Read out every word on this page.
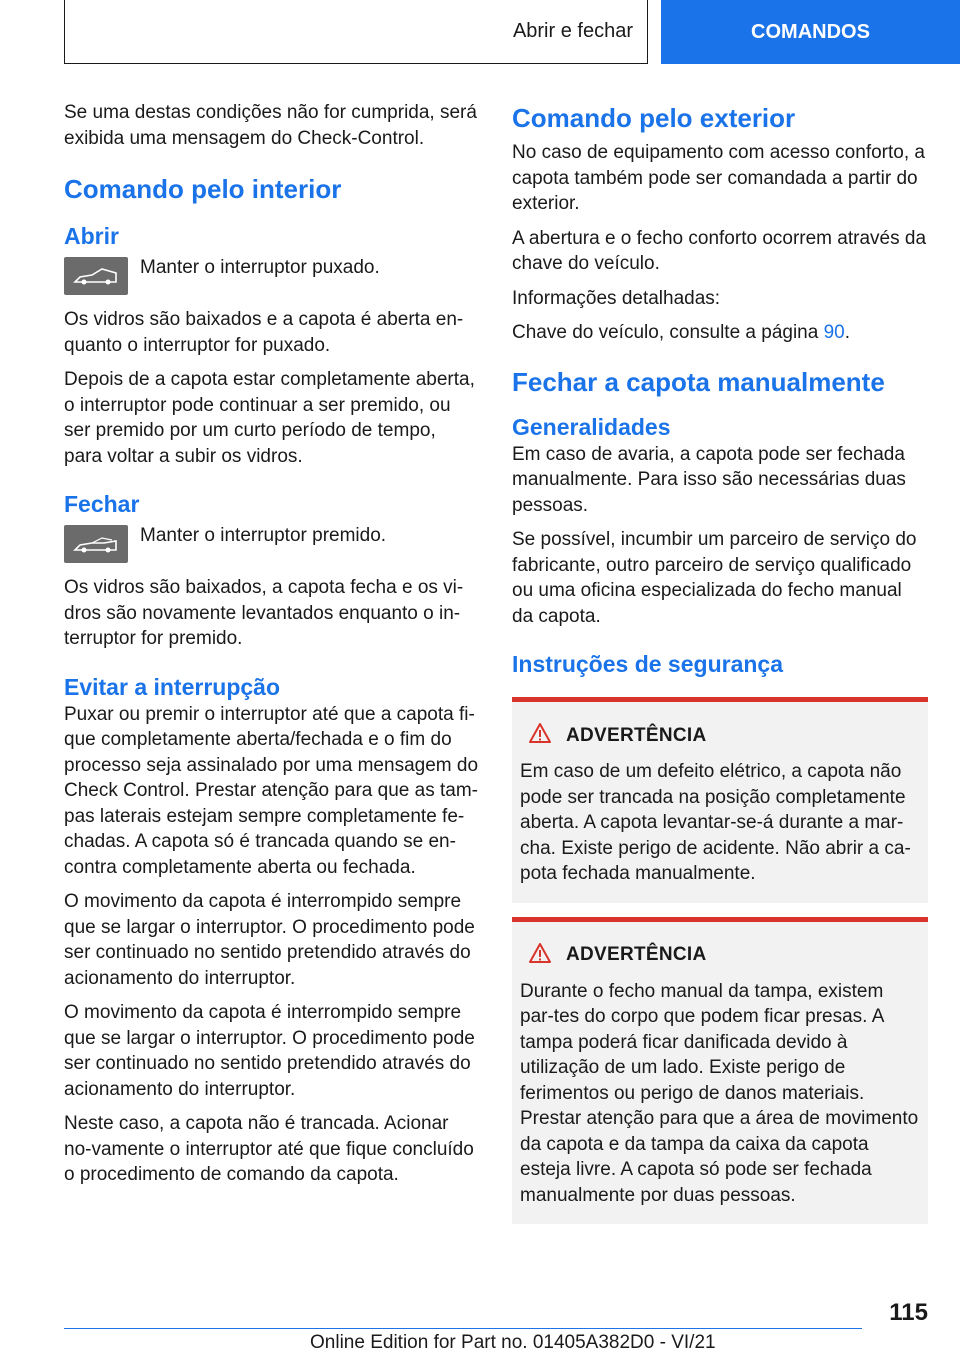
Abrir e fechar	COMANDOS

Se uma destas condições não for cumprida, será exibida uma mensagem do Check-Control.

Comando pelo interior
Abrir

Manter o interruptor puxado.

Os vidros são baixados e a capota é aberta en-quanto o interruptor for puxado.

Depois de a capota estar completamente aberta, o interruptor pode continuar a ser premido, ou ser premido por um curto período de tempo, para voltar a subir os vidros.

Fechar

Manter o interruptor premido.

Os vidros são baixados, a capota fecha e os vi-dros são novamente levantados enquanto o in-terruptor for premido.

Evitar a interrupção

Puxar ou premir o interruptor até que a capota fi-que completamente aberta/fechada e o fim do processo seja assinalado por uma mensagem do Check Control. Prestar atenção para que as tam-pas laterais estejam sempre completamente fe-chadas. A capota só é trancada quando se en-contra completamente aberta ou fechada.

O movimento da capota é interrompido sempre que se largar o interruptor. O procedimento pode ser continuado no sentido pretendido através do acionamento do interruptor.

O movimento da capota é interrompido sempre que se largar o interruptor. O procedimento pode ser continuado no sentido pretendido através do acionamento do interruptor.

Neste caso, a capota não é trancada. Acionar no-vamente o interruptor até que fique concluído o procedimento de comando da capota.

Comando pelo exterior

No caso de equipamento com acesso conforto, a capota também pode ser comandada a partir do exterior.

A abertura e o fecho conforto ocorrem através da chave do veículo.

Informações detalhadas:

Chave do veículo, consulte a página 90.

Fechar a capota manualmente
Generalidades

Em caso de avaria, a capota pode ser fechada manualmente. Para isso são necessárias duas pessoas.

Se possível, incumbir um parceiro de serviço do fabricante, outro parceiro de serviço qualificado ou uma oficina especializada do fecho manual da capota.

Instruções de segurança
ADVERTÊNCIA

Em caso de um defeito elétrico, a capota não pode ser trancada na posição completamente aberta. A capota levantar-se-á durante a mar-cha. Existe perigo de acidente. Não abrir a ca-pota fechada manualmente.

ADVERTÊNCIA

Durante o fecho manual da tampa, existem par-tes do corpo que podem ficar presas. A tampa poderá ficar danificada devido à utilização de um lado. Existe perigo de ferimentos ou perigo de danos materiais. Prestar atenção para que a área de movimento da capota e da tampa da caixa da capota esteja livre. A capota só pode ser fechada manualmente por duas pessoas.

115
Online Edition for Part no. 01405A382D0 - VI/21
